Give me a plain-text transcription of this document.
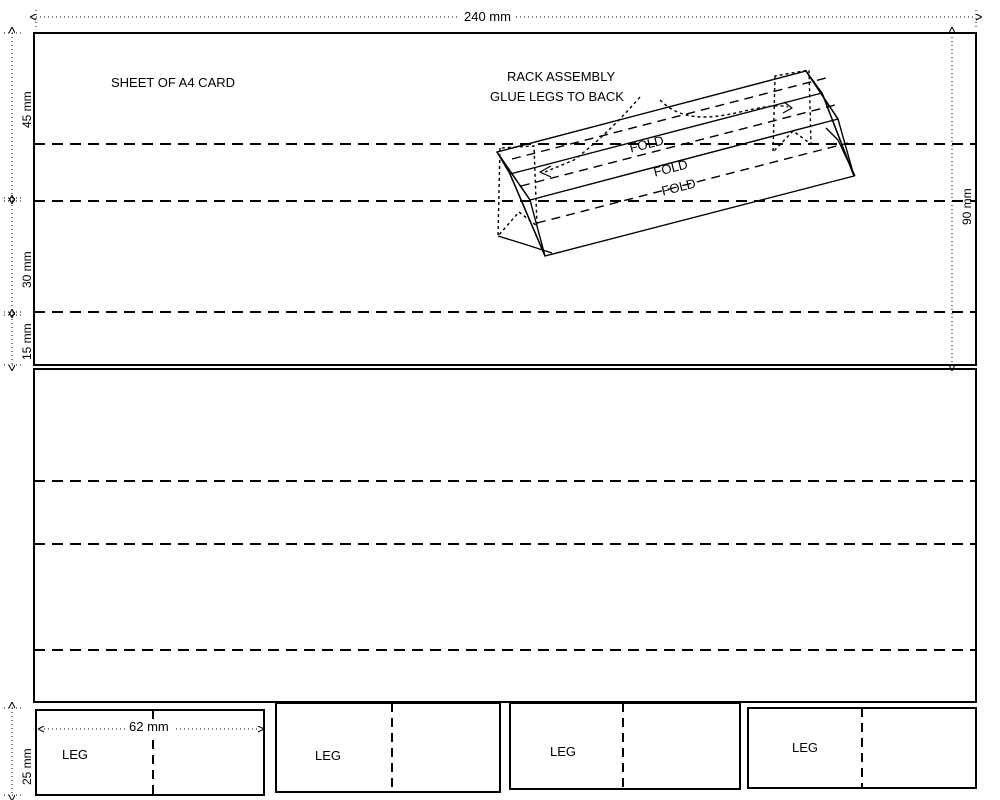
SHEET OF A4 CARD	RACK ASSEMBLY
GLUE LEGS TO BACK
FOLD
FOLD
FOLD
240 mm
62 mm
45 mm
30 mm
15 mm
25 mm
90 mm
LEG	LEG	LEG	LEG
